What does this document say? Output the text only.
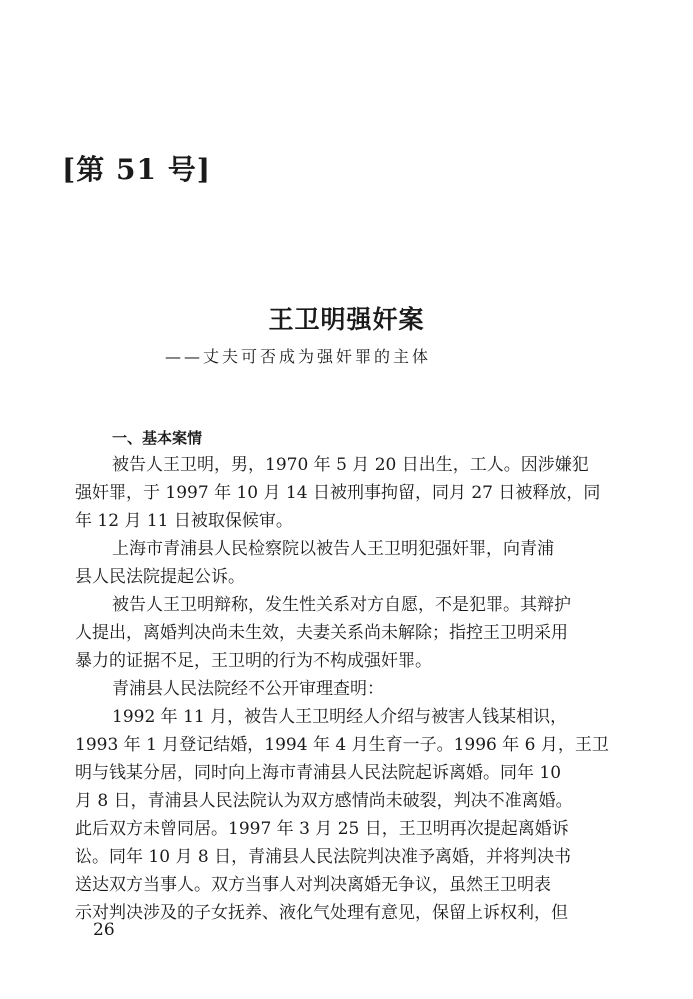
[第 51 号]
王卫明强奸案
——丈夫可否成为强奸罪的主体
一、基本案情
被告人王卫明，男，1970 年 5 月 20 日出生，工人。因涉嫌犯
强奸罪，于 1997 年 10 月 14 日被刑事拘留，同月 27 日被释放，同
年 12 月 11 日被取保候审。
上海市青浦县人民检察院以被告人王卫明犯强奸罪，向青浦
县人民法院提起公诉。
被告人王卫明辩称，发生性关系对方自愿，不是犯罪。其辩护
人提出，离婚判决尚未生效，夫妻关系尚未解除；指控王卫明采用
暴力的证据不足，王卫明的行为不构成强奸罪。
青浦县人民法院经不公开审理查明：
1992 年 11 月，被告人王卫明经人介绍与被害人钱某相识，
1993 年 1 月登记结婚，1994 年 4 月生育一子。1996 年 6 月，王卫
明与钱某分居，同时向上海市青浦县人民法院起诉离婚。同年 10
月 8 日，青浦县人民法院认为双方感情尚未破裂，判决不准离婚。
此后双方未曾同居。1997 年 3 月 25 日，王卫明再次提起离婚诉
讼。同年 10 月 8 日，青浦县人民法院判决准予离婚，并将判决书
送达双方当事人。双方当事人对判决离婚无争议，虽然王卫明表
示对判决涉及的子女抚养、液化气处理有意见，保留上诉权利，但
26
